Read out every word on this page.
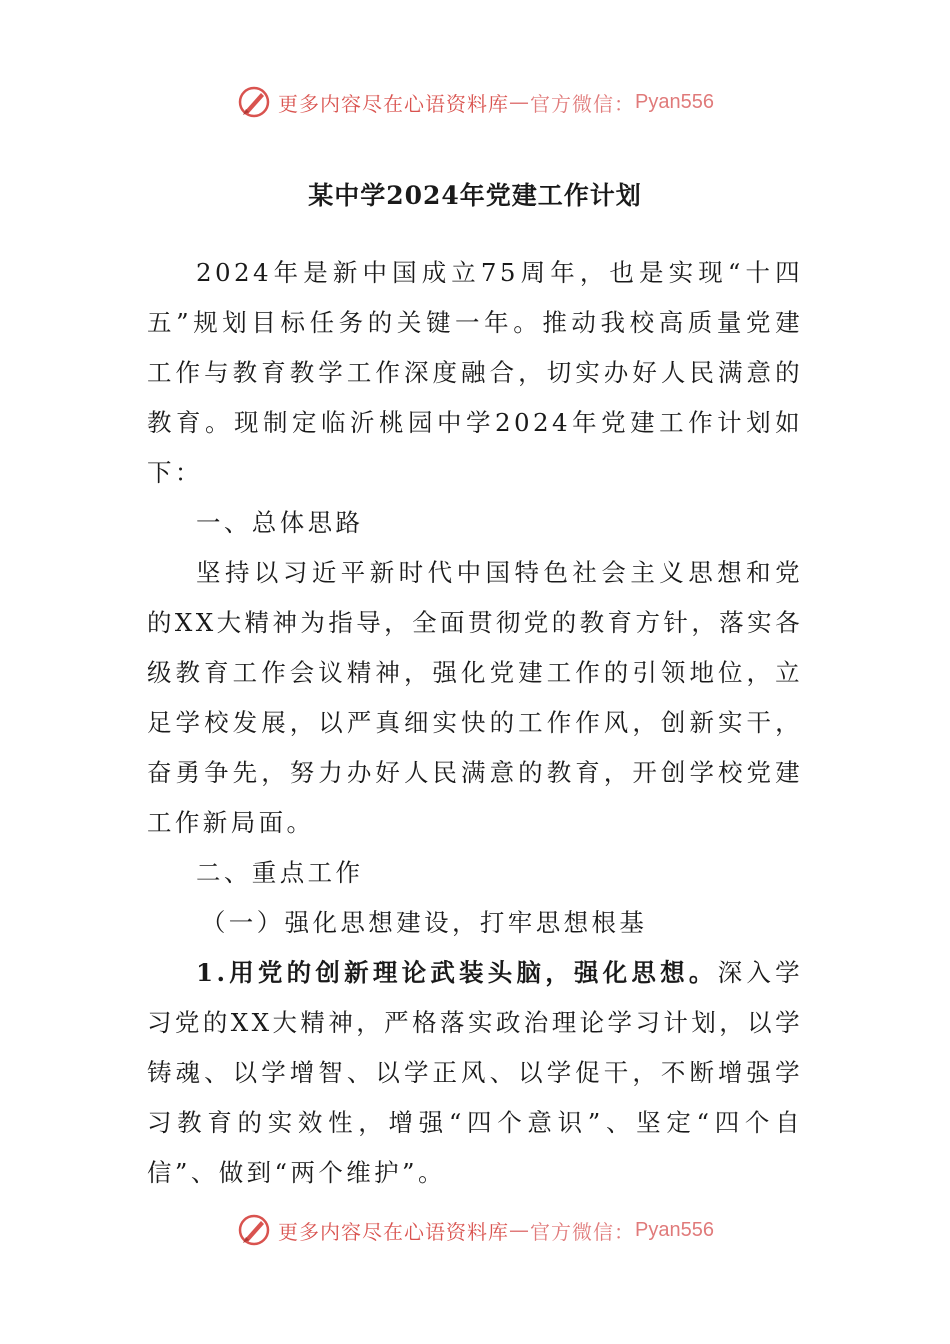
更多内容尽在心语资料库 — 官方微信： Pyan556
某中学2024年党建工作计划

2024年是新中国成立75周年，也是实现“十四五”规划目标任务的关键一年。推动我校高质量党建工作与教育教学工作深度融合，切实办好人民满意的教育。现制定临沂桃园中学2024年党建工作计划如下：

一、总体思路

坚持以习近平新时代中国特色社会主义思想和党的XX大精神为指导，全面贯彻党的教育方针，落实各级教育工作会议精神，强化党建工作的引领地位，立足学校发展，以严真细实快的工作作风，创新实干，奋勇争先，努力办好人民满意的教育，开创学校党建工作新局面。

二、重点工作

（一）强化思想建设，打牢思想根基

1.用党的创新理论武装头脑，强化思想。深入学习党的XX大精神，严格落实政治理论学习计划，以学铸魂、以学增智、以学正风、以学促干，不断增强学习教育的实效性，增强“四个意识”、坚定“四个自信”、做到“两个维护”。

更多内容尽在心语资料库 — 官方微信： Pyan556
